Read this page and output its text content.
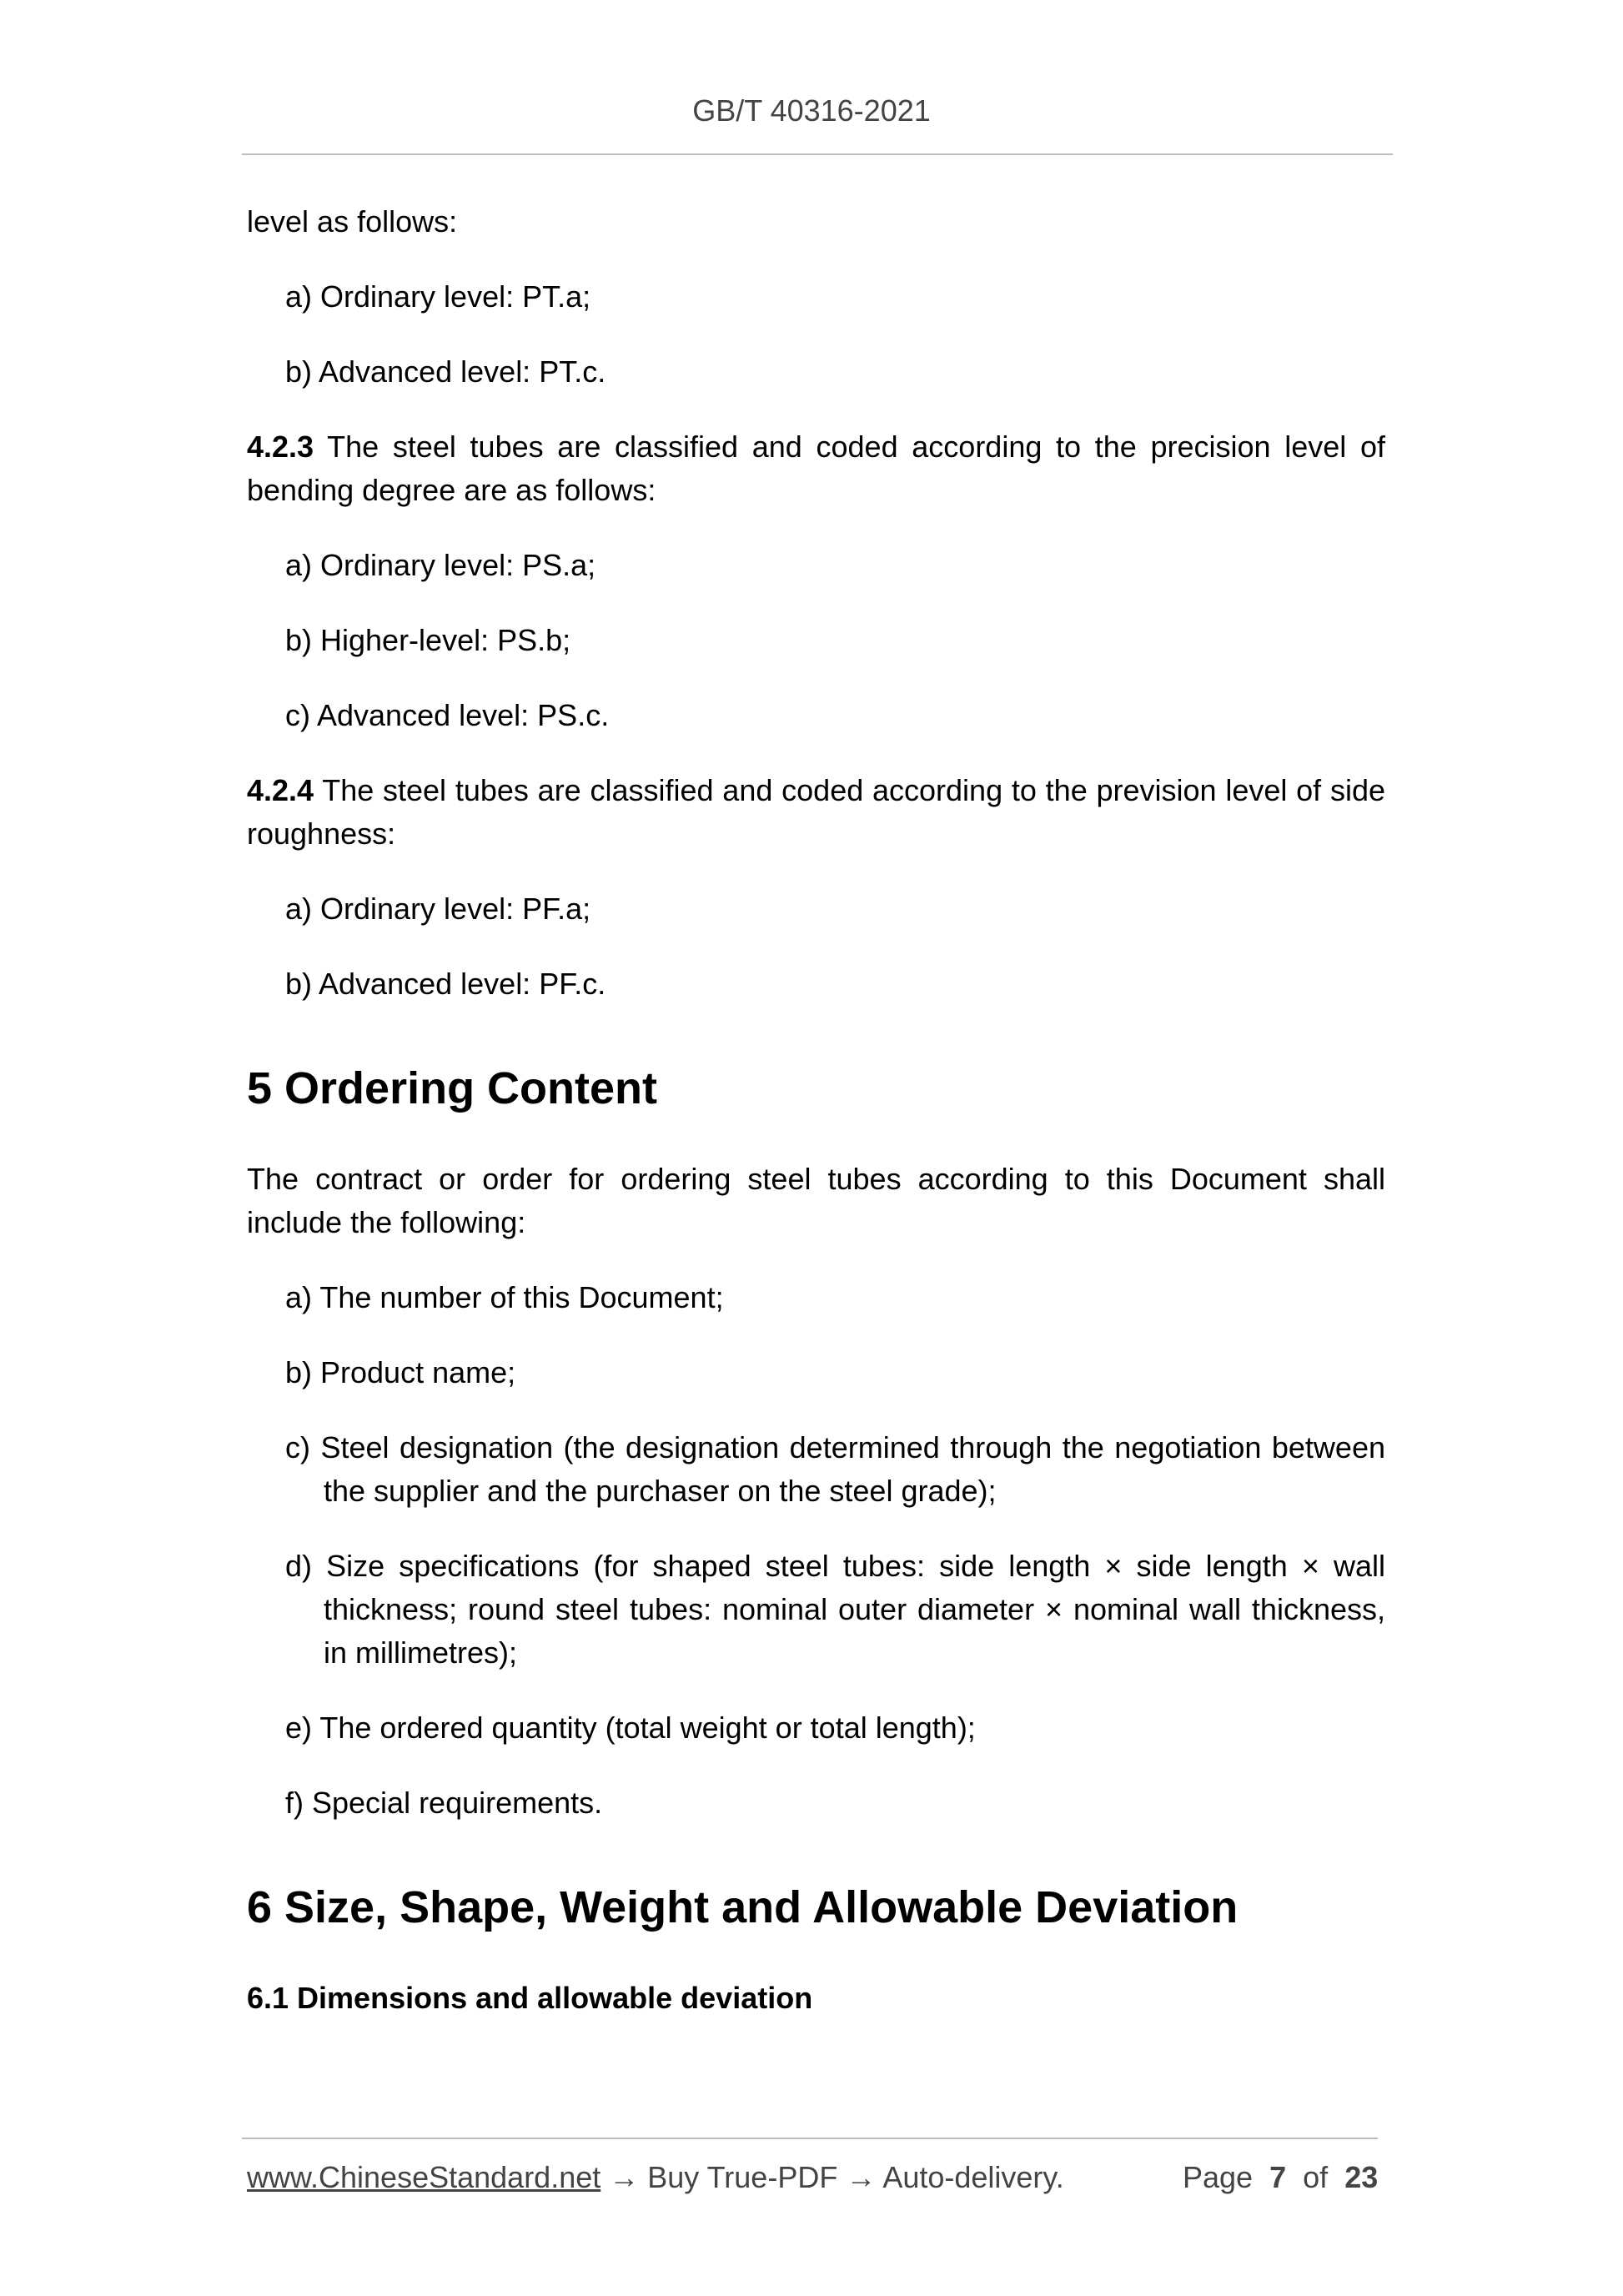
GB/T 40316-2021

level as follows:

a) Ordinary level: PT.a;

b) Advanced level: PT.c.

4.2.3 The steel tubes are classified and coded according to the precision level of bending degree are as follows:

a) Ordinary level: PS.a;

b) Higher-level: PS.b;

c) Advanced level: PS.c.

4.2.4 The steel tubes are classified and coded according to the prevision level of side roughness:

a) Ordinary level: PF.a;

b) Advanced level: PF.c.

5 Ordering Content

The contract or order for ordering steel tubes according to this Document shall include the following:

a) The number of this Document;

b) Product name;

c) Steel designation (the designation determined through the negotiation between the supplier and the purchaser on the steel grade);

d) Size specifications (for shaped steel tubes: side length × side length × wall thickness; round steel tubes: nominal outer diameter × nominal wall thickness, in millimetres);

e) The ordered quantity (total weight or total length);

f) Special requirements.

6 Size, Shape, Weight and Allowable Deviation
6.1 Dimensions and allowable deviation
www.ChineseStandard.net → Buy True-PDF → Auto-delivery.	Page 7 of 23
